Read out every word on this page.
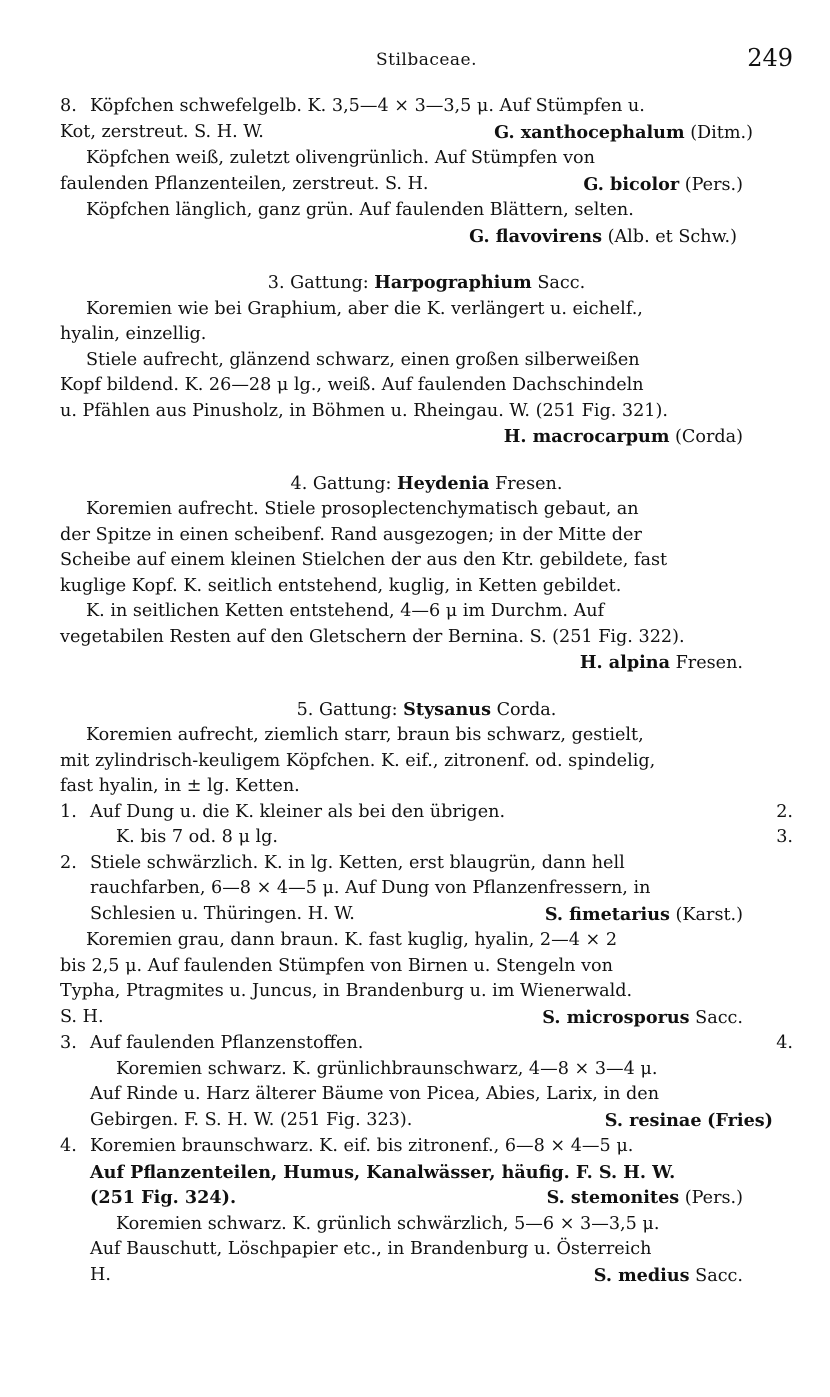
Stilbaceae.	249
8. Köpfchen schwefelgelb. K. 3,5—4 × 3—3,5 μ. Auf Stümpfen u.
Kot, zerstreut. S. H. W.	G. xanthocephalum (Ditm.)
Köpfchen weiß, zuletzt olivengrünlich. Auf Stümpfen von
faulenden Pflanzenteilen, zerstreut. S. H.	G. bicolor (Pers.)
Köpfchen länglich, ganz grün. Auf faulenden Blättern, selten.
G. flavovirens (Alb. et Schw.)
3. Gattung: Harpographium Sacc.
Koremien wie bei Graphium, aber die K. verlängert u. eichelf.,
hyalin, einzellig.
Stiele aufrecht, glänzend schwarz, einen großen silberweißen
Kopf bildend. K. 26—28 μ lg., weiß. Auf faulenden Dachschindeln
u. Pfählen aus Pinusholz, in Böhmen u. Rheingau. W. (251 Fig. 321).
H. macrocarpum (Corda)
4. Gattung: Heydenia Fresen.
Koremien aufrecht. Stiele prosoplectenchymatisch gebaut, an
der Spitze in einen scheibenf. Rand ausgezogen; in der Mitte der
Scheibe auf einem kleinen Stielchen der aus den Ktr. gebildete, fast
kuglige Kopf. K. seitlich entstehend, kuglig, in Ketten gebildet.
K. in seitlichen Ketten entstehend, 4—6 μ im Durchm. Auf
vegetabilen Resten auf den Gletschern der Bernina. S. (251 Fig. 322).
H. alpina Fresen.
5. Gattung: Stysanus Corda.
Koremien aufrecht, ziemlich starr, braun bis schwarz, gestielt,
mit zylindrisch-keuligem Köpfchen. K. eif., zitronenf. od. spindelig,
fast hyalin, in ± lg. Ketten.
1. Auf Dung u. die K. kleiner als bei den übrigen.	2.
K. bis 7 od. 8 μ lg.	3.
2. Stiele schwärzlich. K. in lg. Ketten, erst blaugrün, dann hell
rauchfarben, 6—8 × 4—5 μ. Auf Dung von Pflanzenfressern, in
Schlesien u. Thüringen. H. W.	S. fimetarius (Karst.)
Koremien grau, dann braun. K. fast kuglig, hyalin, 2—4 × 2
bis 2,5 μ. Auf faulenden Stümpfen von Birnen u. Stengeln von
Typha, Ptragmites u. Juncus, in Brandenburg u. im Wienerwald.
S. H.	S. microsporus Sacc.
3. Auf faulenden Pflanzenstoffen.	4.
Koremien schwarz. K. grünlichbraunschwarz, 4—8 × 3—4 μ.
Auf Rinde u. Harz älterer Bäume von Picea, Abies, Larix, in den
Gebirgen. F. S. H. W. (251 Fig. 323).	S. resinae (Fries)
4. Koremien braunschwarz. K. eif. bis zitronenf., 6—8 × 4—5 μ.
Auf Pflanzenteilen, Humus, Kanalwässer, häufig. F. S. H. W.
(251 Fig. 324).	S. stemonites (Pers.)
Koremien schwarz. K. grünlich schwärzlich, 5—6 × 3—3,5 μ.
Auf Bauschutt, Löschpapier etc., in Brandenburg u. Österreich
H.	S. medius Sacc.
